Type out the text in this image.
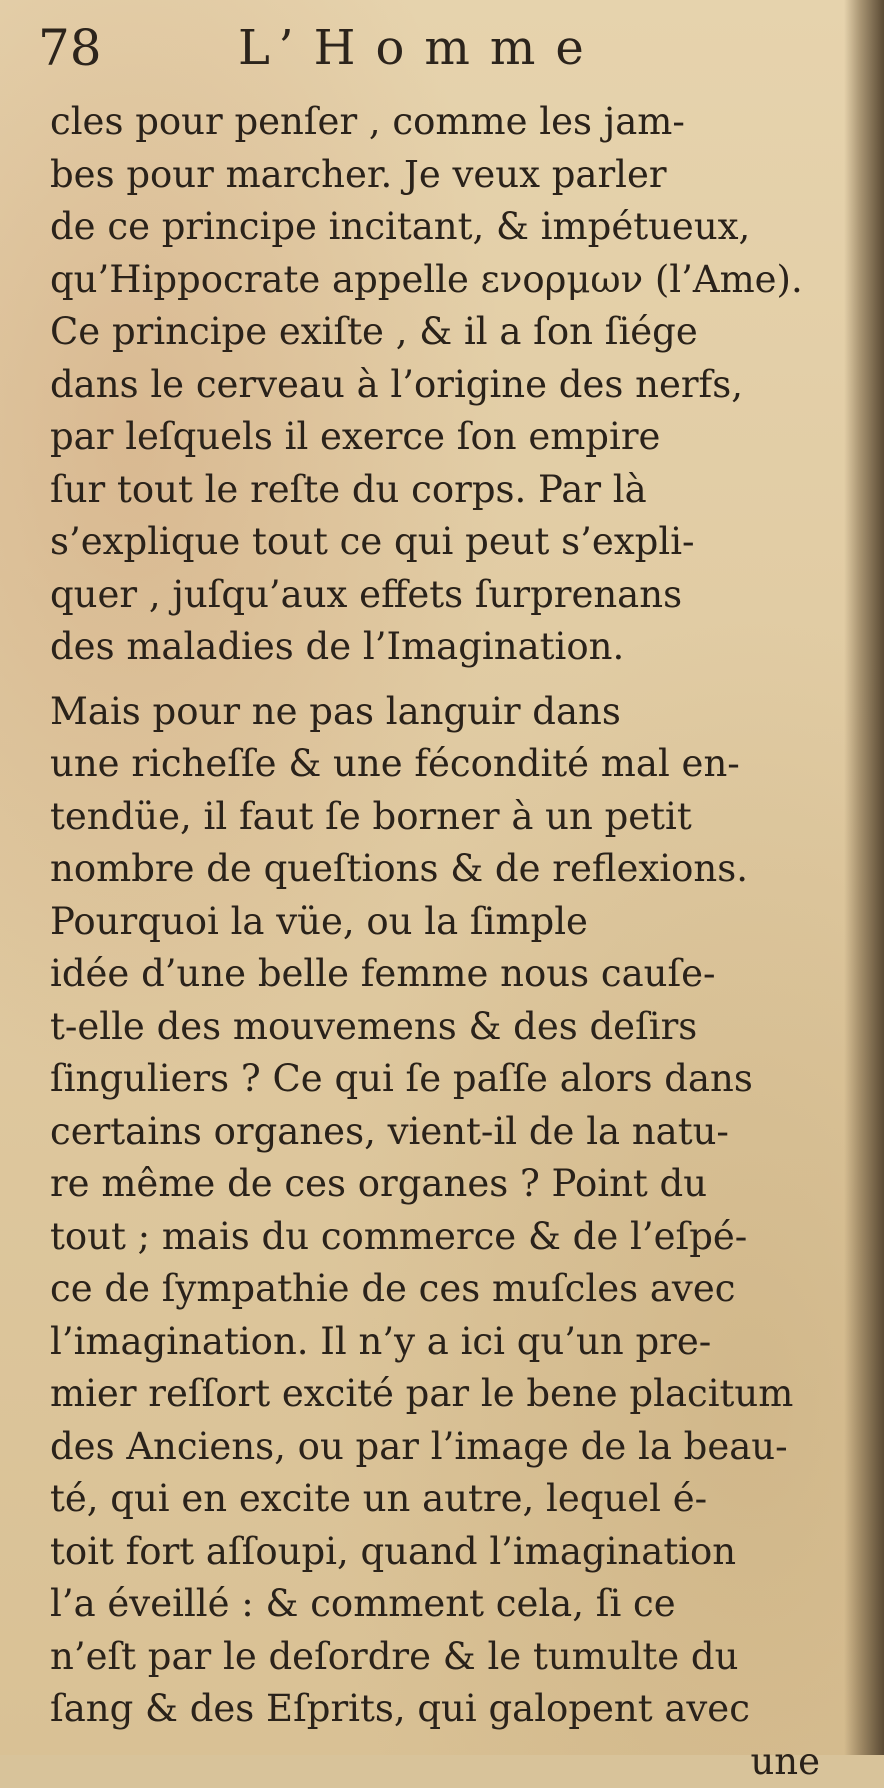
78	L’Homme
cles pour penſer , comme les jam-
bes pour marcher. Je veux parler
de ce principe incitant, & impétueux,
qu’Hippocrate appelle ενορμων (l’Ame).
Ce principe exiſte , & il a ſon ſiége
dans le cerveau à l’origine des nerfs,
par leſquels il exerce ſon empire
ſur tout le reſte du corps. Par là
s’explique tout ce qui peut s’expli-
quer , juſqu’aux effets ſurprenans
des maladies de l’Imagination.
Mais pour ne pas languir dans
une richeſſe & une fécondité mal en-
tendüe, il faut ſe borner à un petit
nombre de queſtions & de reflexions.
Pourquoi la vüe, ou la ſimple
idée d’une belle femme nous cauſe-
t-elle des mouvemens & des deſirs
ſinguliers ? Ce qui ſe paſſe alors dans
certains organes, vient-il de la natu-
re même de ces organes ? Point du
tout ; mais du commerce & de l’eſpé-
ce de ſympathie de ces muſcles avec
l’imagination. Il n’y a ici qu’un pre-
mier reſſort excité par le bene placitum
des Anciens, ou par l’image de la beau-
té, qui en excite un autre, lequel é-
toit fort aſſoupi, quand l’imagination
l’a éveillé : & comment cela, ſi ce
n’eſt par le deſordre & le tumulte du
ſang & des Eſprits, qui galopent avec
une
